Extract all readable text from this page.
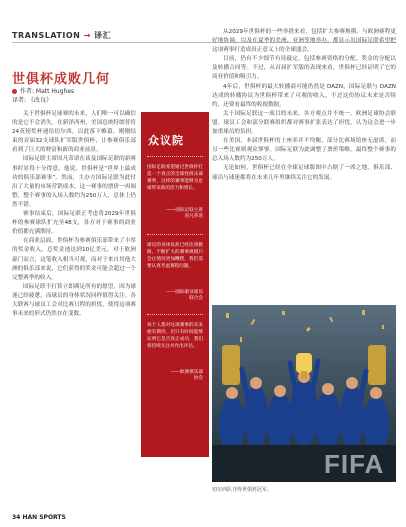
TRANSLATION → 译汇
世俱杯成败几何
作者: Matt Hughes
译者: 《改良》

关于世俱杯足球赛的未来，人们唯一可以确信的是它不会消失。在新泽西州，美国总统特朗普将24英镑奖杯递给切尔西，以此落下帷幕。刚刚结束的首届32支球队扩军版世俱杯，让参赛俱乐部看到了巨大的财富和新的商业前景。

国际足联主席因凡蒂诺在谈及国际足联的新赛事时显得十分得意。他说，世俱杯是“世界上最成功的俱乐部赛事”。然而，主办方国际足联为此付出了大量的市场营销成本，这一赛事的票价一再调整，整个赛事的入场人数约为250万人，总体上仍然不错。

赛事结束后，国际足联正考虑将2029年世俱杯的参赛球队扩充至48支，各方对于赛事的商业价值都充满期待。

在商业层面，世俱杯为参赛俱乐部带来了丰厚的奖金收入，总奖金池达到10亿美元。对于欧洲豪门而言，这笔收入相当可观，而对于来自其他大洲的俱乐部来说，它们获得的奖金可能会超过一个完整赛季的收入。

国际足联不打算立即满足所有的愿望，因为球迷已经疲惫，而球员的身体状况同样值得关注。各大联赛与球员工会对比赛日程的担忧，使得这项赛事未来的形式仍然存在变数。

众议院
国际足联希望通过世俱杯打造一个真正的全球性俱乐部赛事，这样的赛事能够为足球带来新的活力和增长。
——国际足联主席
因凡蒂诺
球员的身体负荷已经达到极限，不断扩大的赛事规模只会让情况更加糟糕，我们需要认真考虑赛程问题。
——国际职业球员
联合会
每个人都对这项赛事的未来抱有期待，但只有时间能够证明它是否真正成功，我们将持续关注并作出评估。
——欧洲俱乐部
协会

从2029年世俱杯的一些举措来看，包括扩大参赛规模、与欧洲赛程更好地协调，以及在夏季的美洲、亚洲等地举办，都显示出国际足联希望把这项赛事打造成真正意义上的全球盛会。

目前，仍有不少细节有待敲定，包括参赛资格的分配、奖金的分配以及转播合同等。不过，从首届扩军版的表现来看，世俱杯已经证明了它的商业价值和吸引力。

4年后，世俱杯的最大转播商可能仍然是 DAZN，国际足联与 DAZN 达成的转播协议为世俱杯带来了可观的收入，不过这份协议未来是否续约，还要看最终的收视数据。

关于国际足联这一项目的未来，各方观点并不统一。欧洲足球协会联盟、球员工会和部分联赛组织都对赛事扩张表达了担忧，认为这会进一步加重球员的负担。

在美国，本届世俱杯的上座率并不均衡，部分比赛场馆座无虚席，而另一些比赛则观众寥寥。国际足联为此调整了票价策略，最终整个赛事的总入场人数约为250万人。

无论如何，世俱杯已经在全球足球版图中占据了一席之地，俱乐部、球员与球迷都将在未来几年里继续关注它的发展。

FIFA
切尔西队夺得世俱杯冠军。
34 HAN SPORTS
